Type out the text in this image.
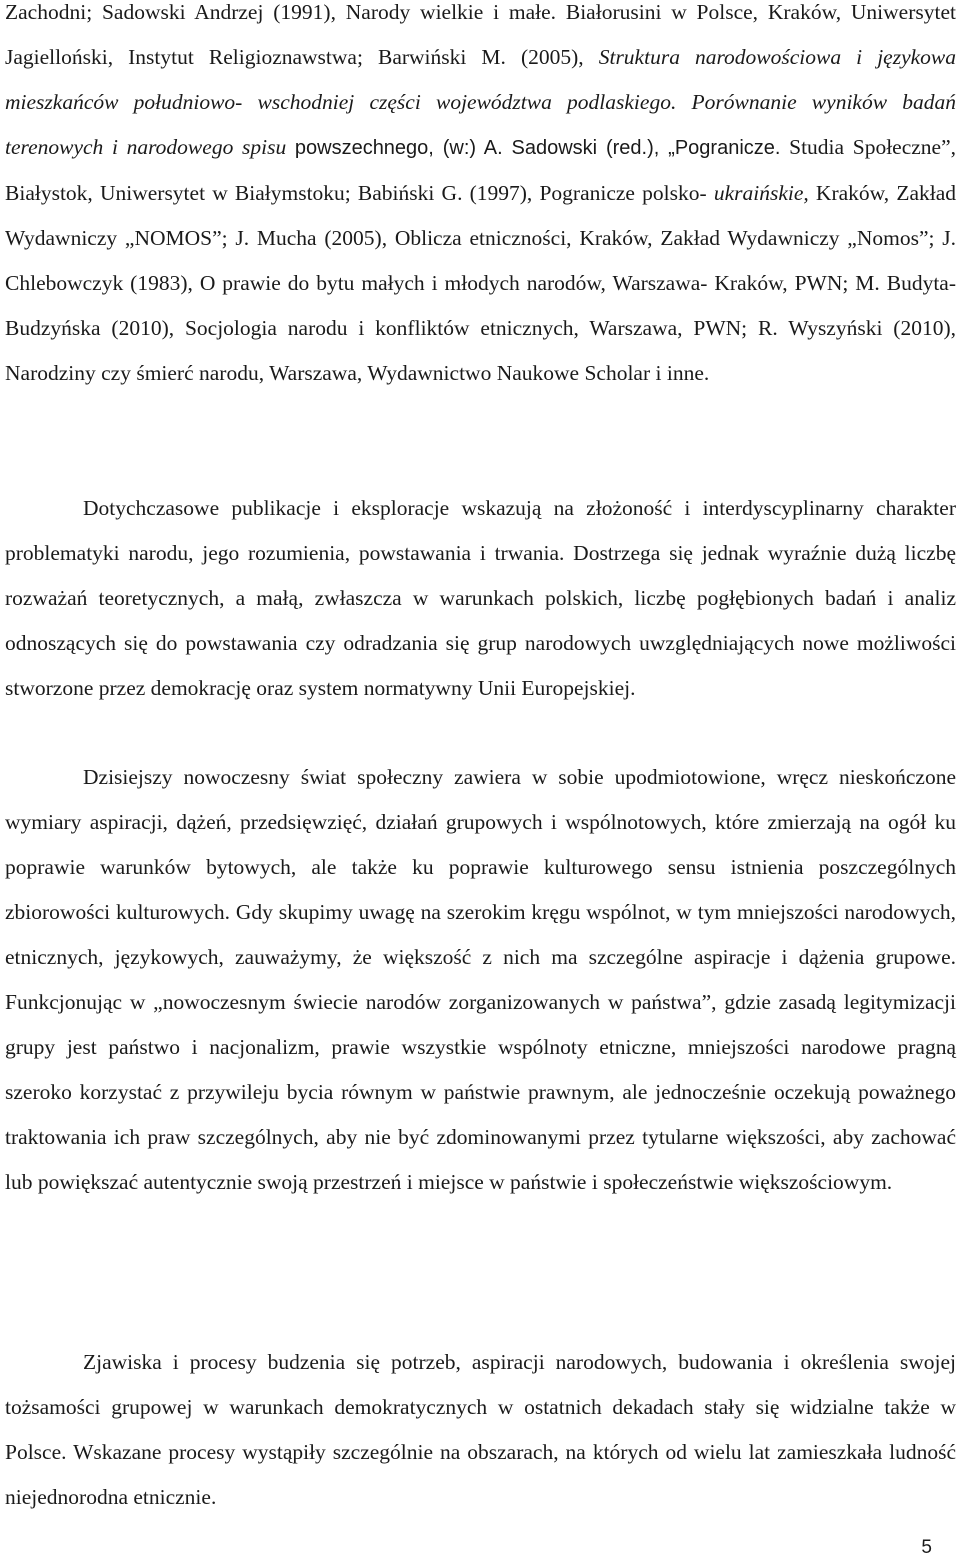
Zachodni; Sadowski Andrzej (1991), Narody wielkie i małe. Białorusini w Polsce, Kraków, Uniwersytet Jagielloński, Instytut Religioznawstwa; Barwiński M. (2005), Struktura narodowościowa i językowa mieszkańców południowo- wschodniej części województwa podlaskiego. Porównanie wyników badań terenowych i narodowego spisu powszechnego, (w:) A. Sadowski (red.), „Pogranicze. Studia Społeczne”, Białystok, Uniwersytet w Białymstoku; Babiński G. (1997), Pogranicze polsko- ukraińskie, Kraków, Zakład Wydawniczy „NOMOS”; J. Mucha (2005), Oblicza etniczności, Kraków, Zakład Wydawniczy „Nomos”; J. Chlebowczyk (1983), O prawie do bytu małych i młodych narodów, Warszawa- Kraków, PWN; M. Budyta- Budzyńska (2010), Socjologia narodu i konfliktów etnicznych, Warszawa, PWN; R. Wyszyński (2010), Narodziny czy śmierć narodu, Warszawa, Wydawnictwo Naukowe Scholar i inne.
Dotychczasowe publikacje i eksploracje wskazują na złożoność i interdyscyplinarny charakter problematyki narodu, jego rozumienia, powstawania i trwania. Dostrzega się jednak wyraźnie dużą liczbę rozważań teoretycznych, a małą, zwłaszcza w warunkach polskich, liczbę pogłębionych badań i analiz odnoszących się do powstawania czy odradzania się grup narodowych uwzględniających nowe możliwości stworzone przez demokrację oraz system normatywny Unii Europejskiej.
Dzisiejszy nowoczesny świat społeczny zawiera w sobie upodmiotowione, wręcz nieskończone wymiary aspiracji, dążeń, przedsięwzięć, działań grupowych i wspólnotowych, które zmierzają na ogół ku poprawie warunków bytowych, ale także ku poprawie kulturowego sensu istnienia poszczególnych zbiorowości kulturowych. Gdy skupimy uwagę na szerokim kręgu wspólnot, w tym mniejszości narodowych, etnicznych, językowych, zauważymy, że większość z nich ma szczególne aspiracje i dążenia grupowe. Funkcjonując w „nowoczesnym świecie narodów zorganizowanych w państwa”, gdzie zasadą legitymizacji grupy jest państwo i nacjonalizm, prawie wszystkie wspólnoty etniczne, mniejszości narodowe pragną szeroko korzystać z przywileju bycia równym w państwie prawnym, ale jednocześnie oczekują poważnego traktowania ich praw szczególnych, aby nie być zdominowanymi przez tytularne większości, aby zachować lub powiększać autentycznie swoją przestrzeń i miejsce w państwie i społeczeństwie większościowym.
Zjawiska i procesy budzenia się potrzeb, aspiracji narodowych, budowania i określenia swojej tożsamości grupowej w warunkach demokratycznych w ostatnich dekadach stały się widzialne także w Polsce. Wskazane procesy wystąpiły szczególnie na obszarach, na których od wielu lat zamieszkała ludność niejednorodna etnicznie.
5
